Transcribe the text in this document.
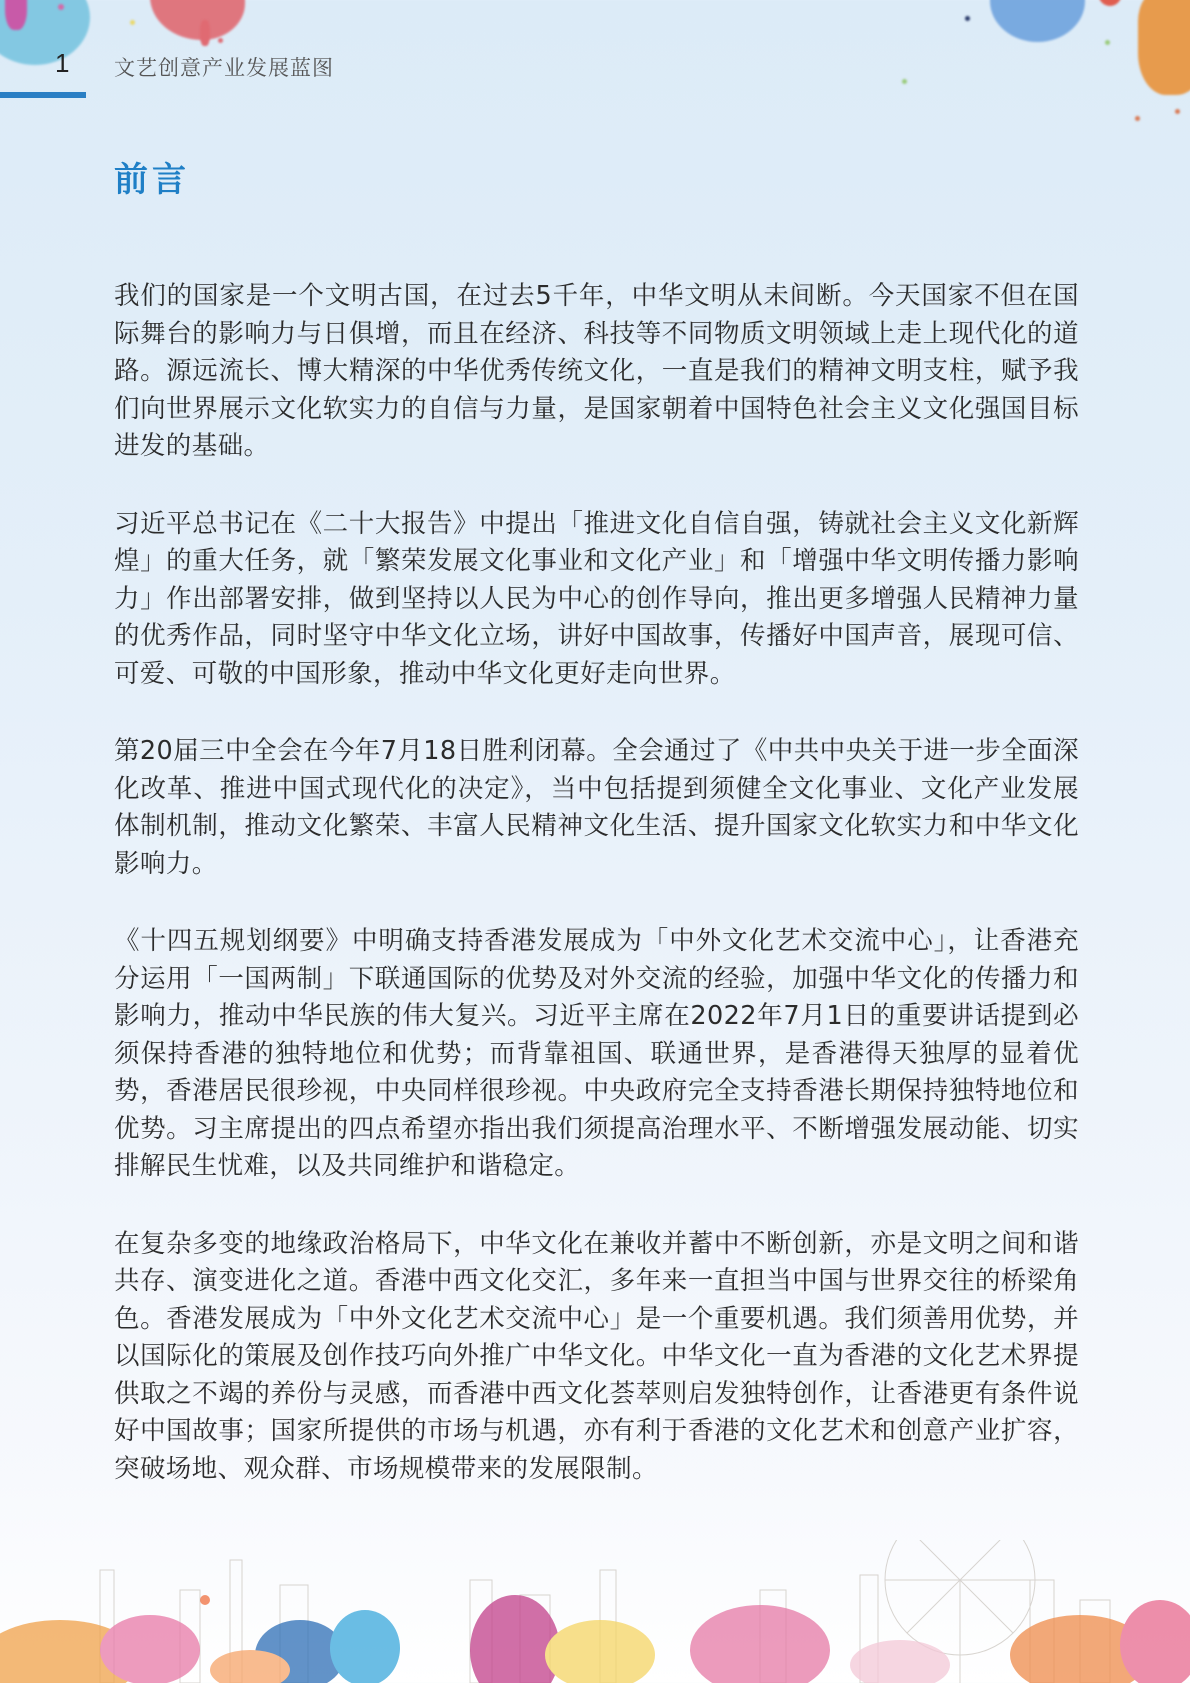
1 文艺创意产业发展蓝图
前言

我们的国家是一个文明古国，在过去5千年，中华文明从未间断。今天国家不但在国际舞台的影响力与日俱增，而且在经济、科技等不同物质文明领域上走上现代化的道路。源远流长、博大精深的中华优秀传统文化，一直是我们的精神文明支柱，赋予我们向世界展示文化软实力的自信与力量，是国家朝着中国特色社会主义文化强国目标进发的基础。

习近平总书记在《二十大报告》中提出「推进文化自信自强，铸就社会主义文化新辉煌」的重大任务，就「繁荣发展文化事业和文化产业」和「增强中华文明传播力影响力」作出部署安排，做到坚持以人民为中心的创作导向，推出更多增强人民精神力量的优秀作品，同时坚守中华文化立场，讲好中国故事，传播好中国声音，展现可信、可爱、可敬的中国形象，推动中华文化更好走向世界。

第20届三中全会在今年7月18日胜利闭幕。全会通过了《中共中央关于进一步全面深化改革、推进中国式现代化的决定》，当中包括提到须健全文化事业、文化产业发展体制机制，推动文化繁荣、丰富人民精神文化生活、提升国家文化软实力和中华文化影响力。

《十四五规划纲要》中明确支持香港发展成为「中外文化艺术交流中心」，让香港充分运用「一国两制」下联通国际的优势及对外交流的经验，加强中华文化的传播力和影响力，推动中华民族的伟大复兴。习近平主席在2022年7月1日的重要讲话提到必须保持香港的独特地位和优势；而背靠祖国、联通世界，是香港得天独厚的显着优势，香港居民很珍视，中央同样很珍视。中央政府完全支持香港长期保持独特地位和优势。习主席提出的四点希望亦指出我们须提高治理水平、不断增强发展动能、切实排解民生忧难，以及共同维护和谐稳定。

在复杂多变的地缘政治格局下，中华文化在兼收并蓄中不断创新，亦是文明之间和谐共存、演变进化之道。香港中西文化交汇，多年来一直担当中国与世界交往的桥梁角色。香港发展成为「中外文化艺术交流中心」是一个重要机遇。我们须善用优势，并以国际化的策展及创作技巧向外推广中华文化。中华文化一直为香港的文化艺术界提供取之不竭的养份与灵感，而香港中西文化荟萃则启发独特创作，让香港更有条件说好中国故事；国家所提供的市场与机遇，亦有利于香港的文化艺术和创意产业扩容，突破场地、观众群、市场规模带来的发展限制。
